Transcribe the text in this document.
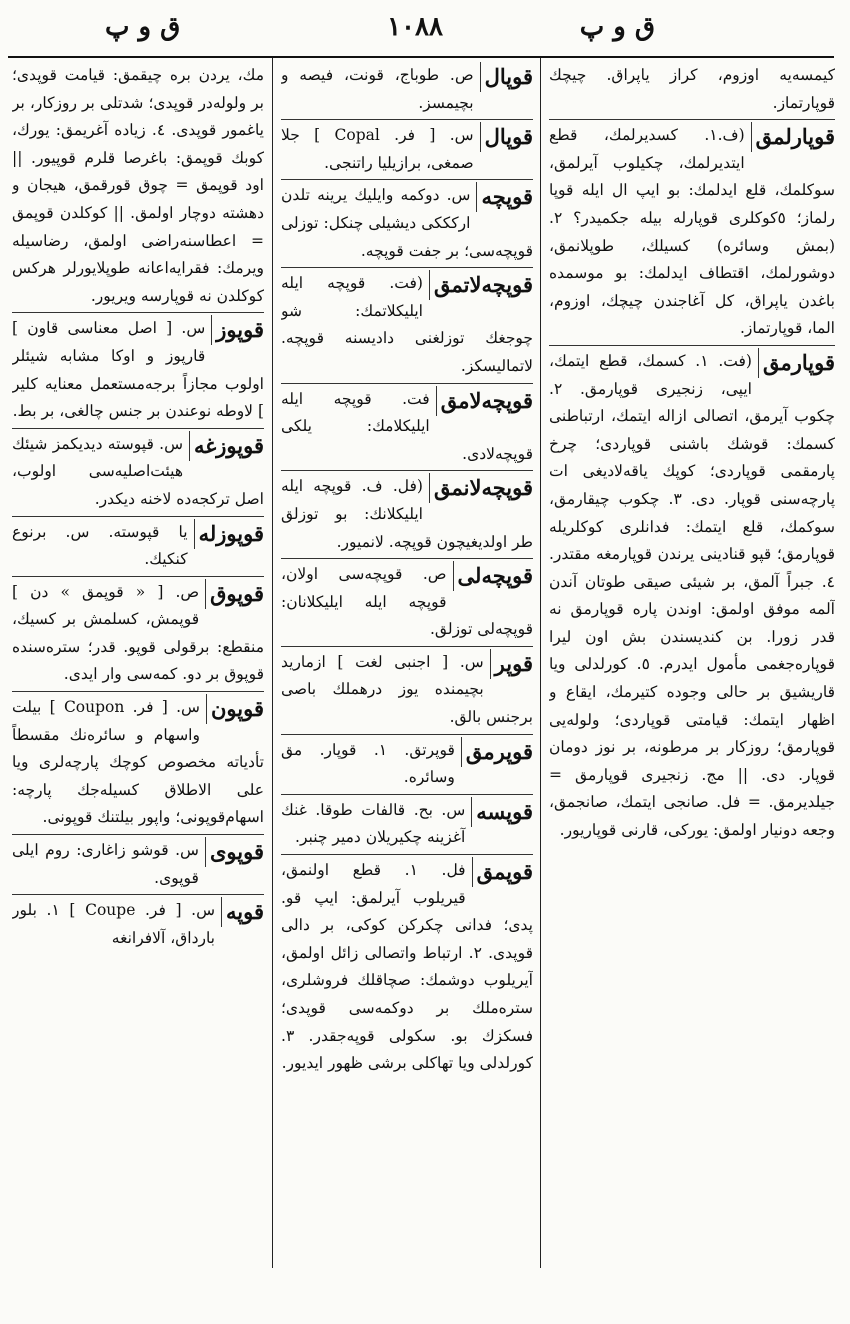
ق و پ	١٠٨٨	ق و پ
مك، يردن بره چيقمق: قيامت قوپدی؛ بر ولوله‌در قوپدی؛ شدتلی بر روزكار، بر ياغمور قوپدی. ٤. زياده آغريمق: يورك، كوبك قوپمق: باغرصا قلرم قوپيور. || اود قوپمق = چوق قورقمق، هيجان و دهشته دوچار اولمق. || كوكلدن قوپمق = اعطاسنه‌راضی اولمق، رضاسيله ويرمك: فقرايه‌اعانه طوپلايورلر هركس كوكلدن نه قوپارسه ويريور.
قوپوز
س. [ اصل معناسی قاون ] قارپوز و اوكا مشابه شيئلر اولوب مجازاً برجه‌مستعمل معنايه كلير ] لاوطه نوعندن بر جنس چالغی، بر بط.
قوپوزغه
س. قپوسته ديديكمز شيئك هيئت‌اصليه‌سی اولوب، اصل تركجه‌ده لاخنه ديكدر.
قوپوزله
يا قپوسته. س. برنوع كنكيك.
قوپوق
ص. [ « قوپمق » دن ] قوپمش، كسلمش بر كسيك، منقطع: برقولی قوپو. قدر؛ ستره‌سنده قوپوق بر دو. كمه‌سی وار ايدی.
قوپون
س. [ فر. Coupon ] بيلت واسهام و سائره‌نك مقسطاً تأدياته مخصوص كوچك پارچه‌لری ويا على الاطلاق كسيله‌جك پارچه: اسهام‌قوپونی؛ واپور بيلتنك قوپونی.
قوپوی
س. قوشو زاغاری: روم ايلی قوپوی.
قوپه
س. [ فر. Coupe ] ١. بلور بارداق، آلافرانغه
قوپال
ص. طوباج، قونت، فيصه و بچيمسز.
قوپال
س. [ فر. Copal ] جلا صمغی، برازيليا راتنجی.
قوپچه
س. دوكمه وايليك يرينه تلدن اركككی ديشيلی چنكل: توزلی قوپچه‌سی؛ بر جفت قوپچه.
قوپچه‌لاتمق
(فت. قوپچه ايله ايليكلاتمك: شو چوجغك توزلغنی داديسنه قوپچه. لاتماليسكز.
قوپچه‌لامق
فت. قوپچه ايله ايليكلامك: يلكی قوپچه‌لادی.
قوپچه‌لانمق
(فل. ف. قوپچه ايله ايليكلانك: بو توزلق طر اولديغيچون قوپچه. لانميور.
قوپچه‌لی
ص. قوپچه‌سی اولان، قوپچه ايله ايليكلانان: قوپچه‌لی توزلق.
قوپر
س. [ اجنبی لغت ] ازماريد بچيمنده يوز درهملك باصی برجنس بالق.
قوپرمق
قوپرتق. ١. قوپار. مق وسائره.
قوپسه
س. بح. قالفات طوقا. غنك آغزينه چكيريلان دمير چنبر.
قوپمق
فل. ١. قطع اولنمق، قيريلوب آيرلمق: ايپ قو. پدی؛ فدانی چكركن كوكی، بر دالی قوپدی. ٢. ارتباط واتصالی زائل اولمق، آيريلوب دوشمك: صچاقلك فروشلری، ستره‌ملك بر دوكمه‌سی قوپدی؛ فسكزك بو. سكولی قوپه‌جقدر. ٣. كورلدلی ويا تهاكلی برشی ظهور ايديور.
كيمسه‌يه اوزوم، كراز ياپراق. چيچك قوپارتماز.
قوپارلمق
(ف.١. كسدیرلمك، قطع ايتديرلمك، چكيلوب آيرلمق، سوكلمك، قلع ايدلمك: بو ايپ ال ايله قوپا رلماز؛ ٥كوكلری قوپارله بيله جكميدر؟ ٢. (بمش وسائره) كسيلك، طوپلانمق، دوشورلمك، اقتطاف ايدلمك: بو موسمده باغدن ياپراق، كل آغاجندن چيچك، اوزوم، الما، قوپارتماز.
قوپارمق
(فت. ١. كسمك، قطع ايتمك، ايپی، زنجيری قوپارمق. ٢. چكوب آيرمق، اتصالی ازاله ايتمك، ارتباطنی كسمك: قوشك باشنی قوپاردی؛ چرخ پارمقمی قوپاردی؛ كوپك ياقه‌لادیغی ات پارچه‌سنی قوپار. دی. ٣. چكوب چيقارمق، سوكمك، قلع ايتمك: فدانلری كوكلريله قوپارمق؛ قپو قنادينی يرندن قوپارمغه مقتدر. ٤. جبراً آلمق، بر شيئی صيقی طوتان آندن آلمه موفق اولمق: اوندن پاره قوپارمق نه قدر زورا. بن كنديسندن بش اون ليرا قوپاره‌جغمی مأمول ايدرم. ٥. كورلدلی ويا قاريشيق بر حالی وجوده كتيرمك، ايقاع و اظهار ايتمك: قيامتی قوپاردی؛ ولوله‌يی قوپارمق؛ روزكار بر مرطونه، بر نوز دومان قوپار. دی. || مج. زنجيری قوپارمق = جيلديرمق. = فل. صانجی ايتمك، صانجمق، وجعه دونيار اولمق: يوركی، قارنی قوپاريور.
